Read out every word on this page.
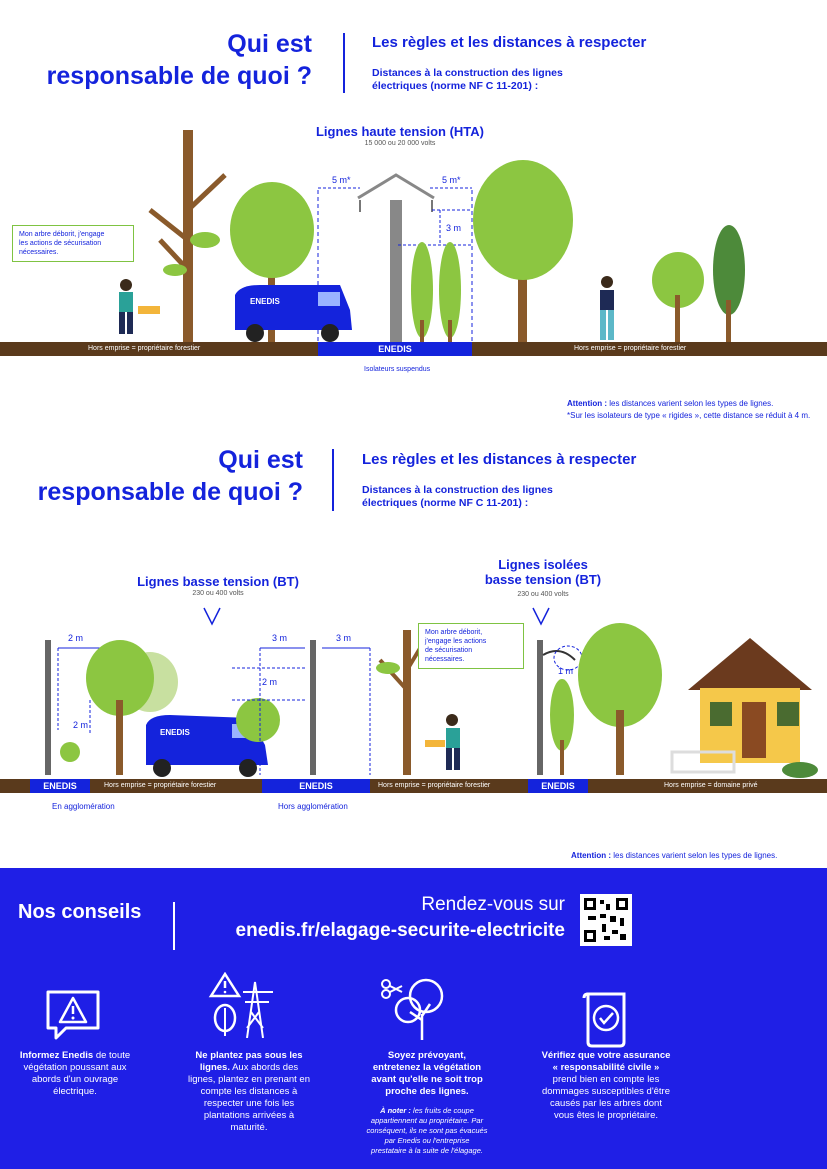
Qui est
responsable de quoi ?
Les règles et les distances à respecter
Distances à la construction des lignes
électriques (norme NF C 11-201) :
Lignes haute tension (HTA)
15 000 ou 20 000 volts
ENEDIS
5 m*	5 m*
3 m
Mon arbre déborit, j'engage
les actions de sécurisation
nécessaires.
Hors emprise = propriétaire forestier	ENEDIS	Hors emprise = propriétaire forestier
Isolateurs suspendus
Attention : les distances varient selon les types de lignes.
*Sur les isolateurs de type « rigides », cette distance se réduit à 4 m.
Qui est
responsable de quoi ?
Les règles et les distances à respecter
Distances à la construction des lignes
électriques (norme NF C 11-201) :
Lignes basse tension (BT)
230 ou 400 volts
Lignes isolées
basse tension (BT)
230 ou 400 volts
2 m
2 m
3 m
2 m
3 m
1 m
ENEDIS
Mon arbre déborit,
j'engage les actions
de sécurisation
nécessaires.
ENEDIS	Hors emprise = propriétaire forestier	ENEDIS	Hors emprise = propriétaire forestier	ENEDIS	Hors emprise = domaine privé
En agglomération	Hors agglomération
Attention : les distances varient selon les types de lignes.
Nos conseils	Rendez-vous sur
enedis.fr/elagage-securite-electricite
Informez Enedis de toute végétation poussant aux abords d'un ouvrage électrique.
Ne plantez pas sous les lignes. Aux abords des lignes, plantez en prenant en compte les distances à respecter une fois les plantations arrivées à maturité.
Soyez prévoyant, entretenez la végétation avant qu'elle ne soit trop proche des lignes.
À noter : les fruits de coupe appartiennent au propriétaire. Par conséquent, ils ne sont pas évacués par Enedis ou l'entreprise prestataire à la suite de l'élagage.
Vérifiez que votre assurance « responsabilité civile » prend bien en compte les dommages susceptibles d'être causés par les arbres dont vous êtes le propriétaire.
